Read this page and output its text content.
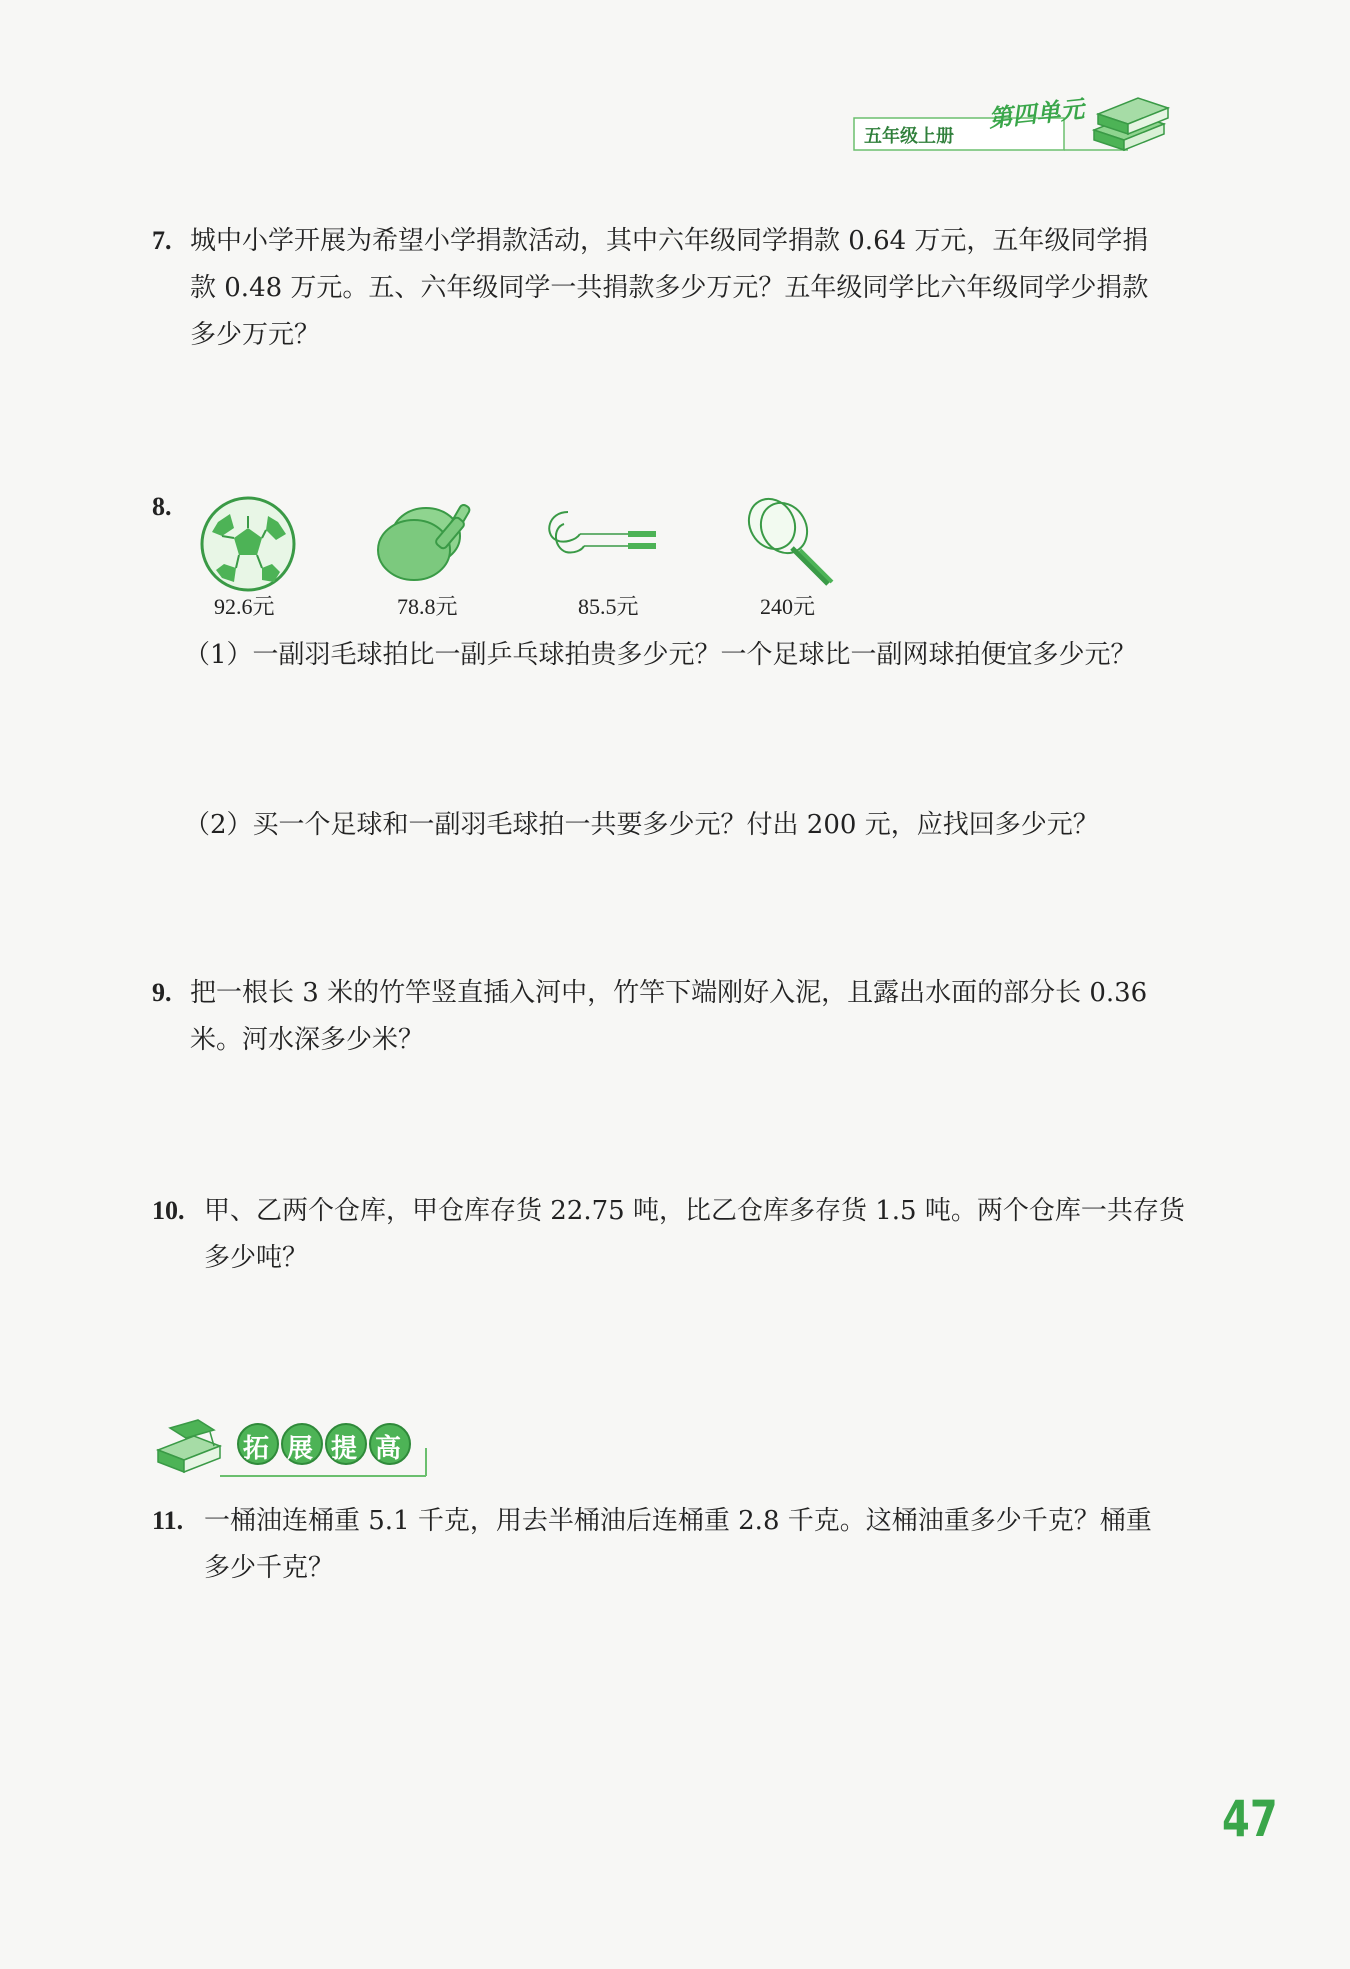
五年级上册
第四单元
7. 城中小学开展为希望小学捐款活动，其中六年级同学捐款 0.64 万元，五年级同学捐
款 0.48 万元。五、六年级同学一共捐款多少万元？五年级同学比六年级同学少捐款
多少万元？
8.
92.6元	78.8元	85.5元	240元
（1）一副羽毛球拍比一副乒乓球拍贵多少元？一个足球比一副网球拍便宜多少元？
（2）买一个足球和一副羽毛球拍一共要多少元？付出 200 元，应找回多少元？
9. 把一根长 3 米的竹竿竖直插入河中，竹竿下端刚好入泥，且露出水面的部分长 0.36
米。河水深多少米？
10. 甲、乙两个仓库，甲仓库存货 22.75 吨，比乙仓库多存货 1.5 吨。两个仓库一共存货
多少吨？
拓 展 提 高
11. 一桶油连桶重 5.1 千克，用去半桶油后连桶重 2.8 千克。这桶油重多少千克？桶重
多少千克？
47
